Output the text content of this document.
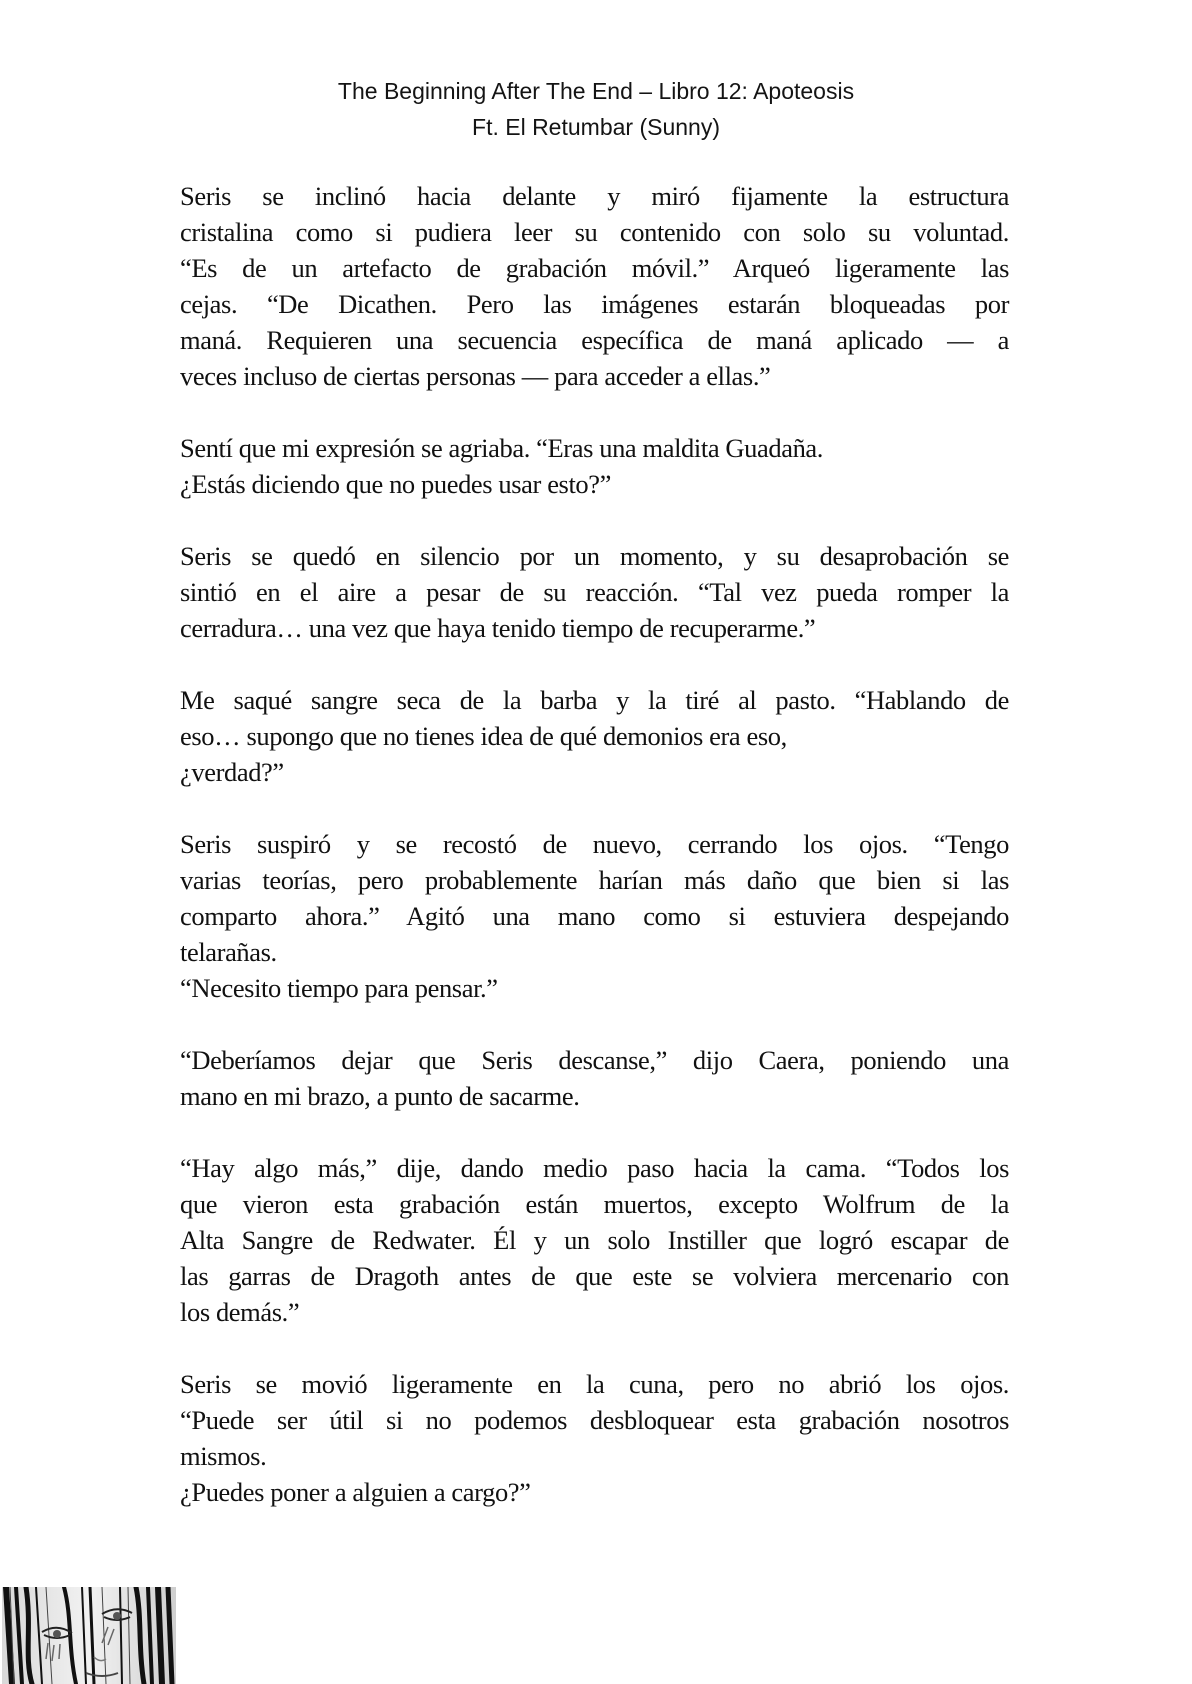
The Beginning After The End – Libro 12: Apoteosis
Ft. El Retumbar (Sunny)
Seris se inclinó hacia delante y miró fijamente la estructura
cristalina como si pudiera leer su contenido con solo su voluntad.
“Es de un artefacto de grabación móvil.” Arqueó ligeramente las
cejas. “De Dicathen. Pero las imágenes estarán bloqueadas por
maná. Requieren una secuencia específica de maná aplicado — a
veces incluso de ciertas personas — para acceder a ellas.”
Sentí que mi expresión se agriaba. “Eras una maldita Guadaña.
¿Estás diciendo que no puedes usar esto?”
Seris se quedó en silencio por un momento, y su desaprobación se
sintió en el aire a pesar de su reacción. “Tal vez pueda romper la
cerradura… una vez que haya tenido tiempo de recuperarme.”
Me saqué sangre seca de la barba y la tiré al pasto. “Hablando de
eso… supongo que no tienes idea de qué demonios era eso,
¿verdad?”
Seris suspiró y se recostó de nuevo, cerrando los ojos. “Tengo
varias teorías, pero probablemente harían más daño que bien si las
comparto ahora.” Agitó una mano como si estuviera despejando
telarañas.
“Necesito tiempo para pensar.”
“Deberíamos dejar que Seris descanse,” dijo Caera, poniendo una
mano en mi brazo, a punto de sacarme.
“Hay algo más,” dije, dando medio paso hacia la cama. “Todos los
que vieron esta grabación están muertos, excepto Wolfrum de la
Alta Sangre de Redwater. Él y un solo Instiller que logró escapar de
las garras de Dragoth antes de que este se volviera mercenario con
los demás.”
Seris se movió ligeramente en la cuna, pero no abrió los ojos.
“Puede ser útil si no podemos desbloquear esta grabación nosotros
mismos.
¿Puedes poner a alguien a cargo?”
